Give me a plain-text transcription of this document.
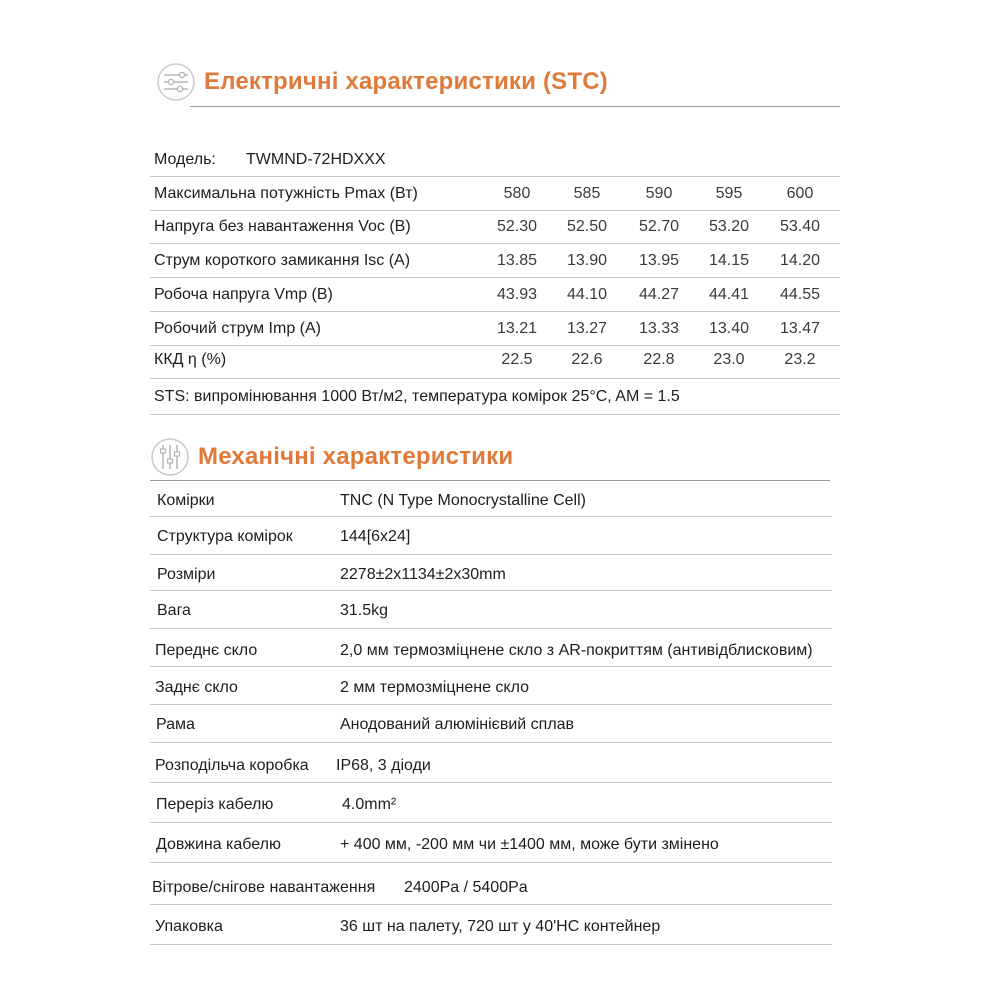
Електричні характеристики (STC)
Модель: TWMND-72HDXXX
Максимальна потужність Pmax (Вт)	580	585	590	595	600
Напруга без навантаження Voc (B)	52.30	52.50	52.70	53.20	53.40
Струм короткого замикання Isc (A)	13.85	13.90	13.95	14.15	14.20
Робоча напруга Vmp (B)	43.93	44.10	44.27	44.41	44.55
Робочий струм Imp (A)	13.21	13.27	13.33	13.40	13.47
ККД η (%)	22.5	22.6	22.8	23.0	23.2
STS: випромінювання 1000 Вт/м2, температура комірок 25°C, AM = 1.5
Механічні характеристики
Комірки	TNC (N Type Monocrystalline Cell)
Структура комірок	144[6x24]
Розміри	2278±2x1134±2x30mm
Вага	31.5kg
Переднє скло	2,0 мм термозміцнене скло з AR-покриттям (антивідблисковим)
Заднє скло	2 мм термозміцнене скло
Рама	Анодований алюмінієвий сплав
Розподільча коробка IP68, 3 діоди
Переріз кабелю	4.0mm²
Довжина кабелю	+ 400 мм, -200 мм чи ±1400 мм, може бути змінено
Вітрове/снігове навантаження 2400Pa / 5400Pa
Упаковка	36 шт на палету, 720 шт у 40'HC контейнер
